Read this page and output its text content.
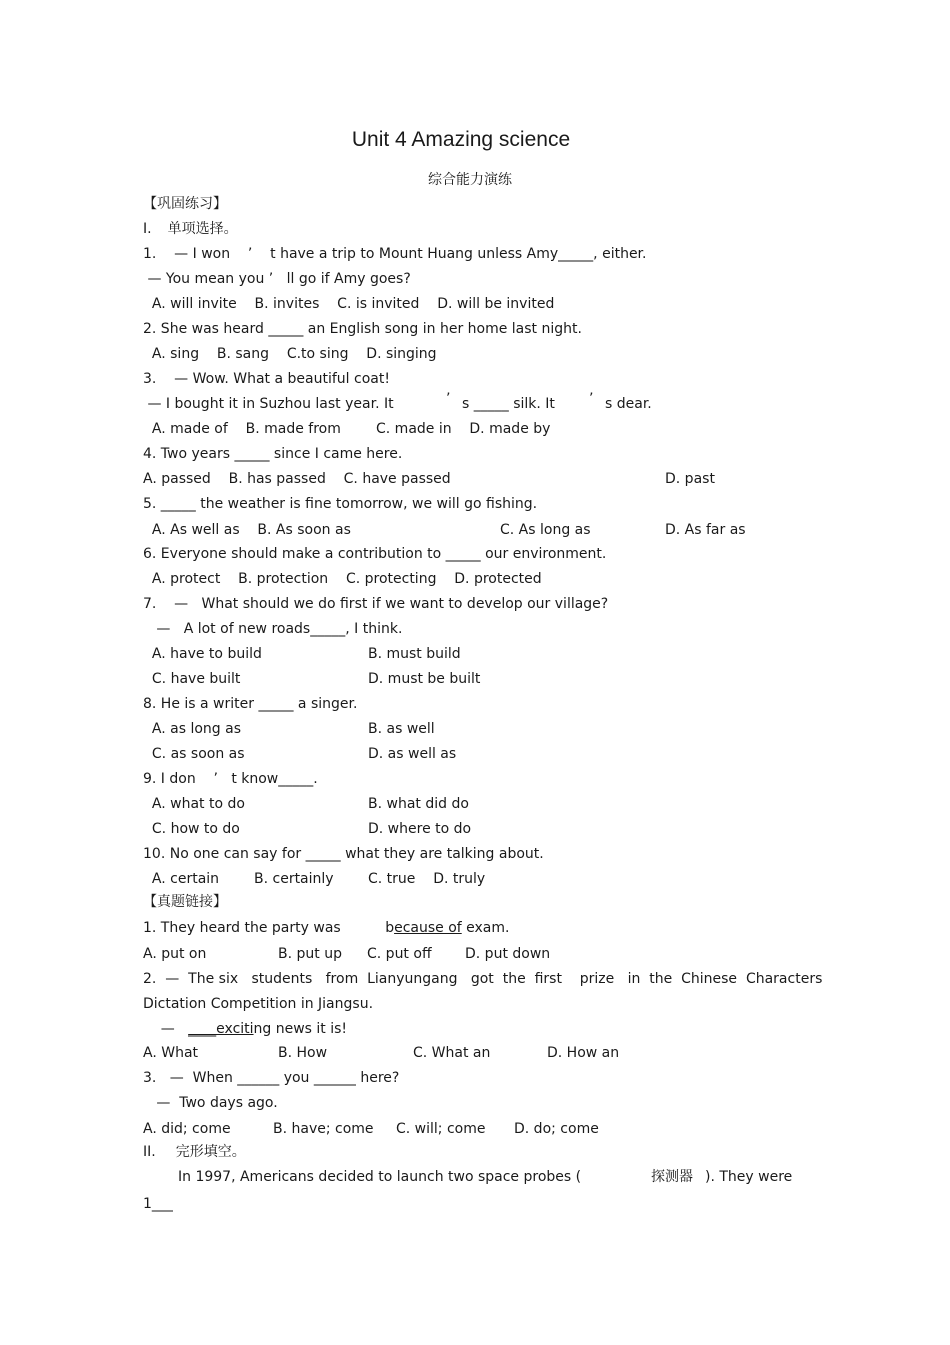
Unit 4 Amazing science
综合能力演练
【巩固练习】
I. 单项选择。
1.    — I won    ’    t have a trip to Mount Huang unless Amy_____, either.
— You mean you ’   ll go if Amy goes?
A. will invite    B. invites    C. is invited    D. will be invited
2. She was heard _____ an English song in her home last night.
A. sing    B. sang    C.to sing    D. singing
3.    — Wow. What a beautiful coat!
— I bought it in Suzhou last year. It	’ s _____ silk. It ’ s dear.
A. made of    B. made from	C. made in    D. made by
4. Two years _____ since I came here.
A. passed    B. has passed    C. have passed	D. past
5. _____ the weather is fine tomorrow, we will go fishing.
A. As well as    B. As soon as	C. As long as	D. As far as
6. Everyone should make a contribution to _____ our environment.
A. protect    B. protection    C. protecting    D. protected
7.    —   What should we do first if we want to develop our village?
—   A lot of new roads_____, I think.
A. have to build	B. must build
C. have built	D. must be built
8. He is a writer _____ a singer.
A. as long as	B. as well
C. as soon as	D. as well as
9. I don    ’   t know_____.
A. what to do	B. what did do
C. how to do	D. where to do
10. No one can say for _____ what they are talking about.
A. certain B. certainly C. true    D. truly
【真题链接】
1. They heard the party was          because of exam.
A. put on	B. put up C. put off D. put down
2.  —  The six   students   from  Lianyungang   got  the  first    prize   in  the  Chinese  Characters
Dictation Competition in Jiangsu.
—   ____exciting news it is!
A. What	B. How	C. What an	D. How an
3.   —  When ______ you ______ here?
—  Two days ago.
A. did; come	B. have; come C. will; come D. do; come
II. 完形填空。
In 1997, Americans decided to launch two space probes (	探测器 ). They were
1___
